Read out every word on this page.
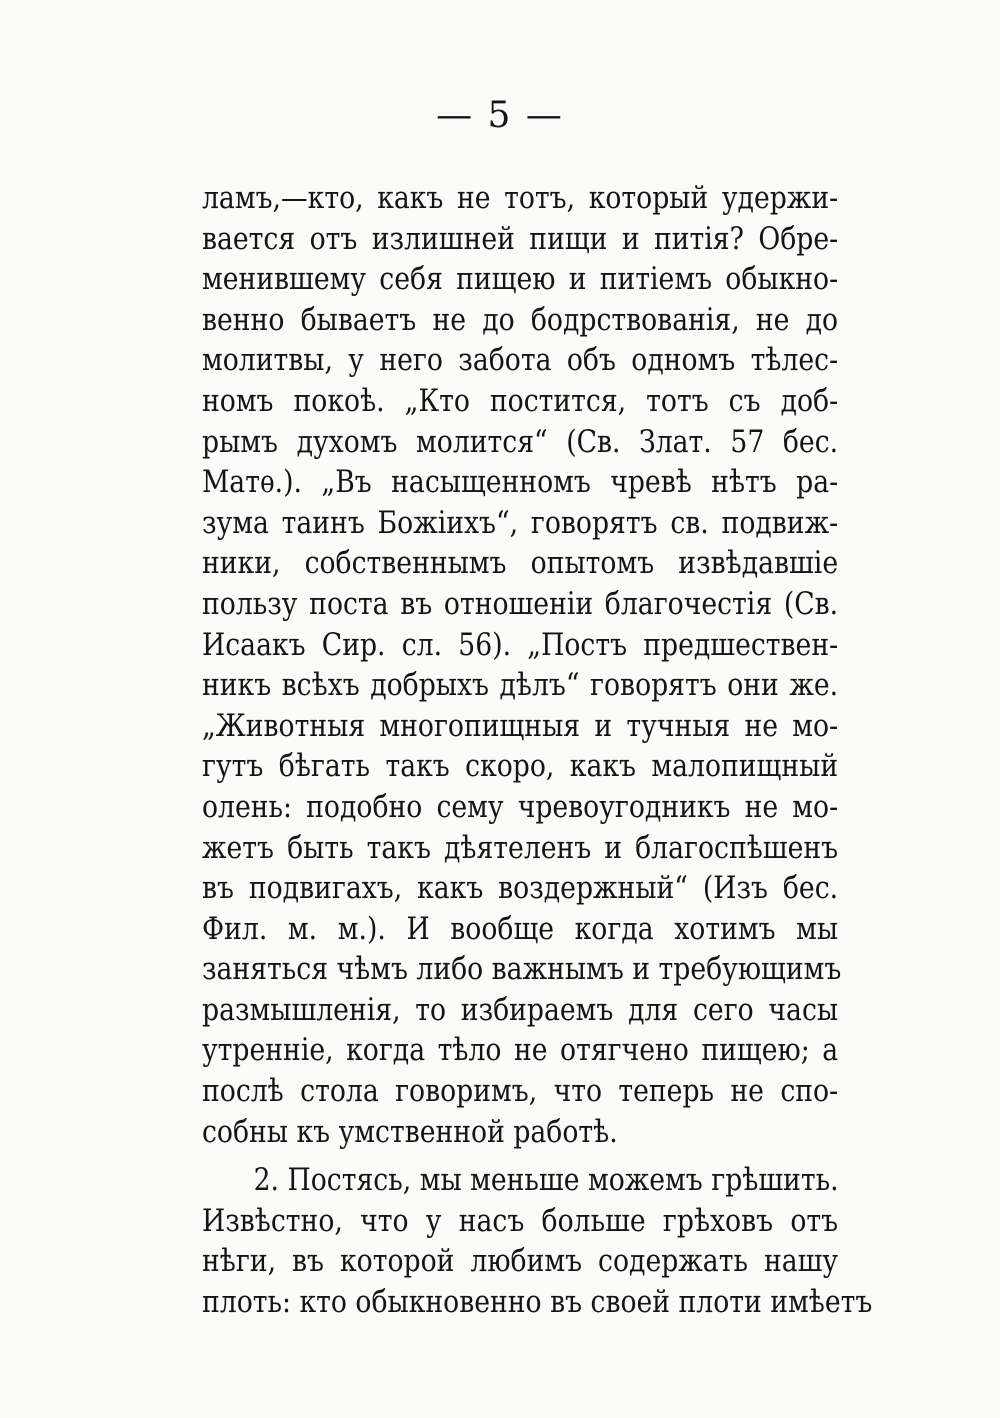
— 5 —
ламъ,—кто, какъ не тотъ, который удержи-
вается отъ излишней пищи и питія? Обре-
менившему себя пищею и питіемъ обыкно-
венно бываетъ не до бодрствованія, не до
молитвы, у него забота объ одномъ тѣлес-
номъ покоѣ. „Кто постится, тотъ съ доб-
рымъ духомъ молится“ (Св. Злат. 57 бес.
Матѳ.). „Въ насыщенномъ чревѣ нѣтъ ра-
зума таинъ Божіихъ“, говорятъ св. подвиж-
ники, собственнымъ опытомъ извѣдавшіе
пользу поста въ отношеніи благочестія (Св.
Исаакъ Сир. сл. 56). „Постъ предшествен-
никъ всѣхъ добрыхъ дѣлъ“ говорятъ они же.
„Животныя многопищныя и тучныя не мо-
гутъ бѣгать такъ скоро, какъ малопищный
олень: подобно сему чревоугодникъ не мо-
жетъ быть такъ дѣятеленъ и благоспѣшенъ
въ подвигахъ, какъ воздержный“ (Изъ бес.
Фил. м. м.). И вообще когда хотимъ мы
заняться чѣмъ либо важнымъ и требующимъ
размышленія, то избираемъ для сего часы
утренніе, когда тѣло не отягчено пищею; а
послѣ стола говоримъ, что теперь не спо-
собны къ умственной работѣ.
2. Постясь, мы меньше можемъ грѣшить.
Извѣстно, что у насъ больше грѣховъ отъ
нѣги, въ которой любимъ содержать нашу
плоть: кто обыкновенно въ своей плоти имѣетъ
